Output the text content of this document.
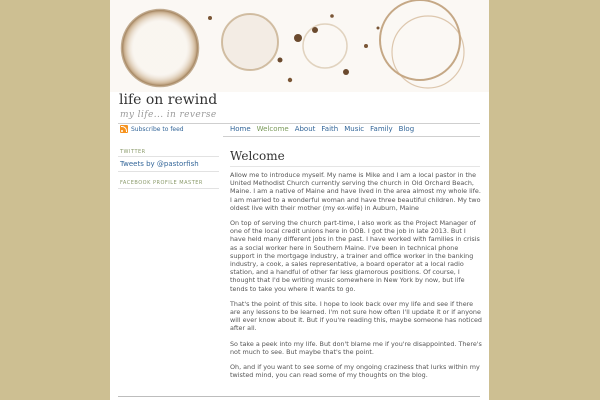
life on rewind
my life... in reverse
Subscribe to feed	Home Welcome About Faith Music Family Blog
TWITTER
Tweets by @pastorfish
FACEBOOK PROFILE MASTER
Welcome

Allow me to introduce myself. My name is Mike and I am a local pastor in the United Methodist Church currently serving the church in Old Orchard Beach, Maine. I am a native of Maine and have lived in the area almost my whole life. I am married to a wonderful woman and have three beautiful children. My two oldest live with their mother (my ex-wife) in Auburn, Maine

On top of serving the church part-time, I also work as the Project Manager of one of the local credit unions here in OOB. I got the job in late 2013. But I have held many different jobs in the past. I have worked with families in crisis as a social worker here in Southern Maine. I've been in technical phone support in the mortgage industry, a trainer and office worker in the banking industry, a cook, a sales representative, a board operator at a local radio station, and a handful of other far less glamorous positions. Of course, I thought that I'd be writing music somewhere in New York by now, but life tends to take you where it wants to go.

That's the point of this site. I hope to look back over my life and see if there are any lessons to be learned. I'm not sure how often I'll update it or if anyone will ever know about it. But if you're reading this, maybe someone has noticed after all.

So take a peek into my life. But don't blame me if you're disappointed. There's not much to see. But maybe that's the point.

Oh, and if you want to see some of my ongoing craziness that lurks within my twisted mind, you can read some of my thoughts on the blog.
